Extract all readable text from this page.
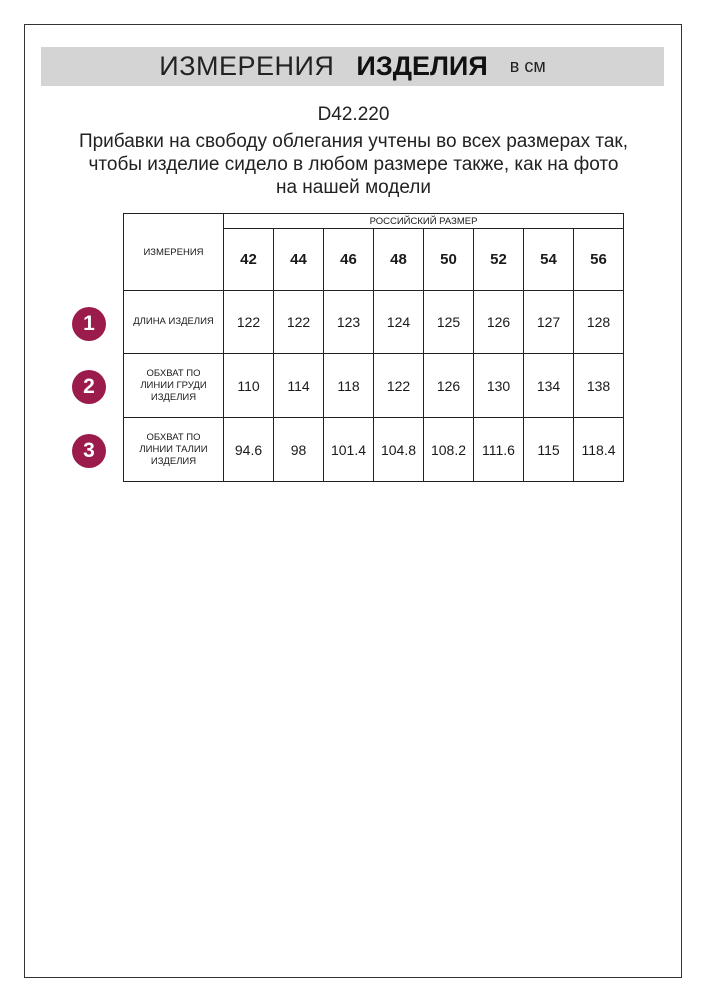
ИЗМЕРЕНИЯ ИЗДЕЛИЯ в см
D42.220
Прибавки на свободу облегания учтены во всех размерах так,
чтобы изделие сидело в любом размере также, как на фото
на нашей модели
1
2
3
ИЗМЕРЕНИЯ	РОССИЙСКИЙ РАЗМЕР							
	42	44	46	48	50	52	54	56

ДЛИНА ИЗДЕЛИЯ	122	122	123	124	125	126	127	128

ОБХВАТ ПО
ЛИНИИ ГРУДИ
ИЗДЕЛИЯ	110	114	118	122	126	130	134	138

ОБХВАТ ПО
ЛИНИИ ТАЛИИ
ИЗДЕЛИЯ	94.6	98	101.4	104.8	108.2	111.6	115	118.4
